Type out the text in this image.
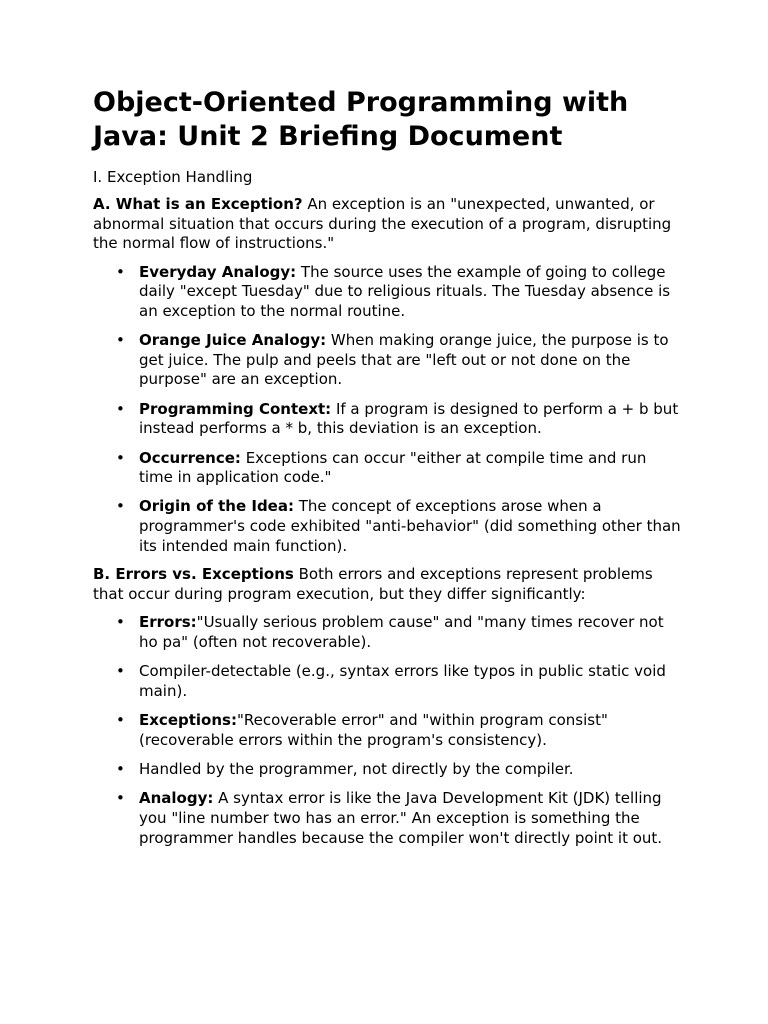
Object-Oriented Programming with Java: Unit 2 Briefing Document
I. Exception Handling

A. What is an Exception? An exception is an "unexpected, unwanted, or abnormal situation that occurs during the execution of a program, disrupting the normal flow of instructions."

• Everyday Analogy: The source uses the example of going to college daily "except Tuesday" due to religious rituals. The Tuesday absence is an exception to the normal routine.
• Orange Juice Analogy: When making orange juice, the purpose is to get juice. The pulp and peels that are "left out or not done on the purpose" are an exception.
• Programming Context: If a program is designed to perform a + b but instead performs a * b, this deviation is an exception.
• Occurrence: Exceptions can occur "either at compile time and run time in application code."
• Origin of the Idea: The concept of exceptions arose when a programmer's code exhibited "anti-behavior" (did something other than its intended main function).

B. Errors vs. Exceptions Both errors and exceptions represent problems that occur during program execution, but they differ significantly:

• Errors:"Usually serious problem cause" and "many times recover not ho pa" (often not recoverable).
• Compiler-detectable (e.g., syntax errors like typos in public static void main).
• Exceptions:"Recoverable error" and "within program consist" (recoverable errors within the program's consistency).
• Handled by the programmer, not directly by the compiler.
• Analogy: A syntax error is like the Java Development Kit (JDK) telling you "line number two has an error." An exception is something the programmer handles because the compiler won't directly point it out.
